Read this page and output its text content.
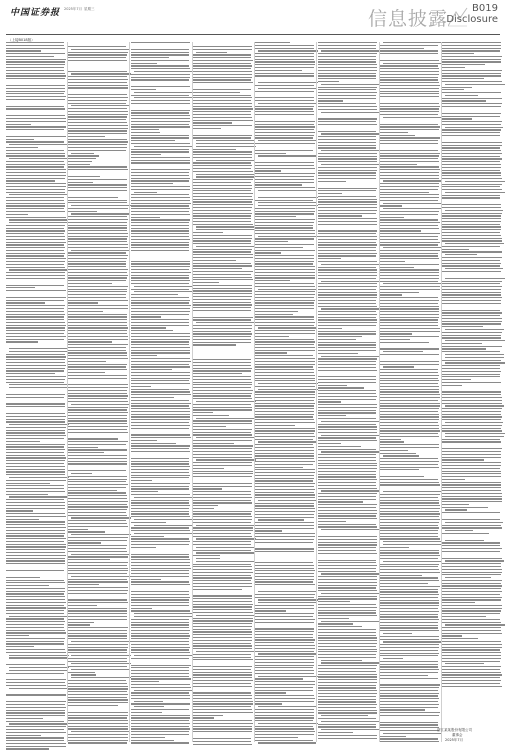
中国证券报 2025年7月 星期三	信息披露 B019
Disclosure
（上接B018版）
浙江某某股份有限公司
董事会
2025年7月
